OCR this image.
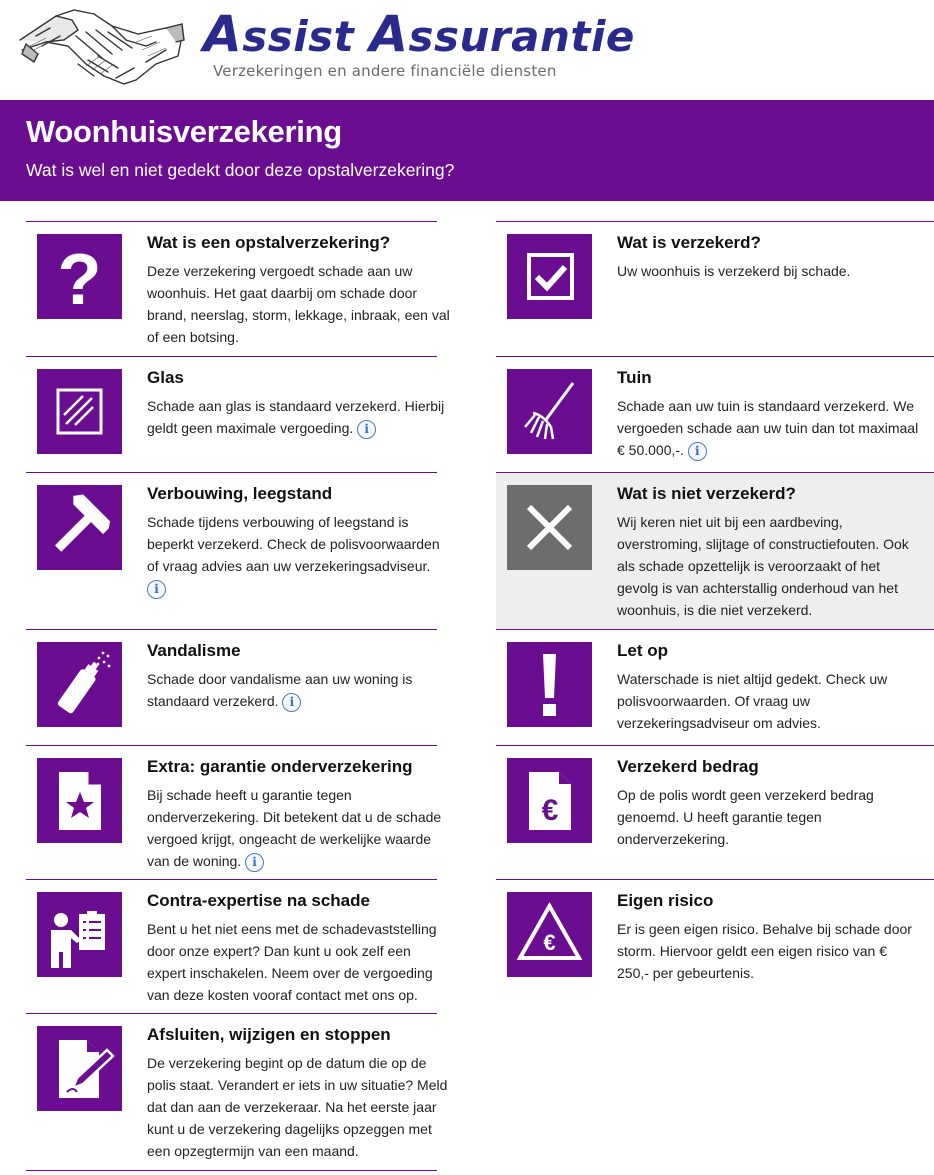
Assist Assurantie
Verzekeringen en andere financiële diensten
Woonhuisverzekering

Wat is wel en niet gedekt door deze opstalverzekering?

?	Wat is een opstalverzekering?

Deze verzekering vergoedt schade aan uw woonhuis. Het gaat daarbij om schade door brand, neerslag, storm, lekkage, inbraak, een val of een botsing.

Glas

Schade aan glas is standaard verzekerd. Hierbij geldt geen maximale vergoeding. i

Verbouwing, leegstand

Schade tijdens verbouwing of leegstand is beperkt verzekerd. Check de polisvoorwaarden of vraag advies aan uw verzekeringsadviseur.
i

Vandalisme

Schade door vandalisme aan uw woning is standaard verzekerd. i

Extra: garantie onderverzekering

Bij schade heeft u garantie tegen onderverzekering. Dit betekent dat u de schade vergoed krijgt, ongeacht de werkelijke waarde van de woning. i

Contra-expertise na schade

Bent u het niet eens met de schadevaststelling door onze expert? Dan kunt u ook zelf een expert inschakelen. Neem over de vergoeding van deze kosten vooraf contact met ons op.

Afsluiten, wijzigen en stoppen

De verzekering begint op de datum die op de polis staat. Verandert er iets in uw situatie? Meld dat dan aan de verzekeraar. Na het eerste jaar kunt u de verzekering dagelijks opzeggen met een opzegtermijn van een maand.

Wat is verzekerd?

Uw woonhuis is verzekerd bij schade.

Tuin

Schade aan uw tuin is standaard verzekerd. We vergoeden schade aan uw tuin dan tot maximaal € 50.000,-. i

Wat is niet verzekerd?

Wij keren niet uit bij een aardbeving, overstroming, slijtage of constructiefouten. Ook als schade opzettelijk is veroorzaakt of het gevolg is van achterstallig onderhoud van het woonhuis, is die niet verzekerd.

Let op

Waterschade is niet altijd gedekt. Check uw polisvoorwaarden. Of vraag uw verzekeringsadviseur om advies.

€
Verzekerd bedrag

Op de polis wordt geen verzekerd bedrag genoemd. U heeft garantie tegen onderverzekering.

€
Eigen risico

Er is geen eigen risico. Behalve bij schade door storm. Hiervoor geldt een eigen risico van € 250,- per gebeurtenis.
